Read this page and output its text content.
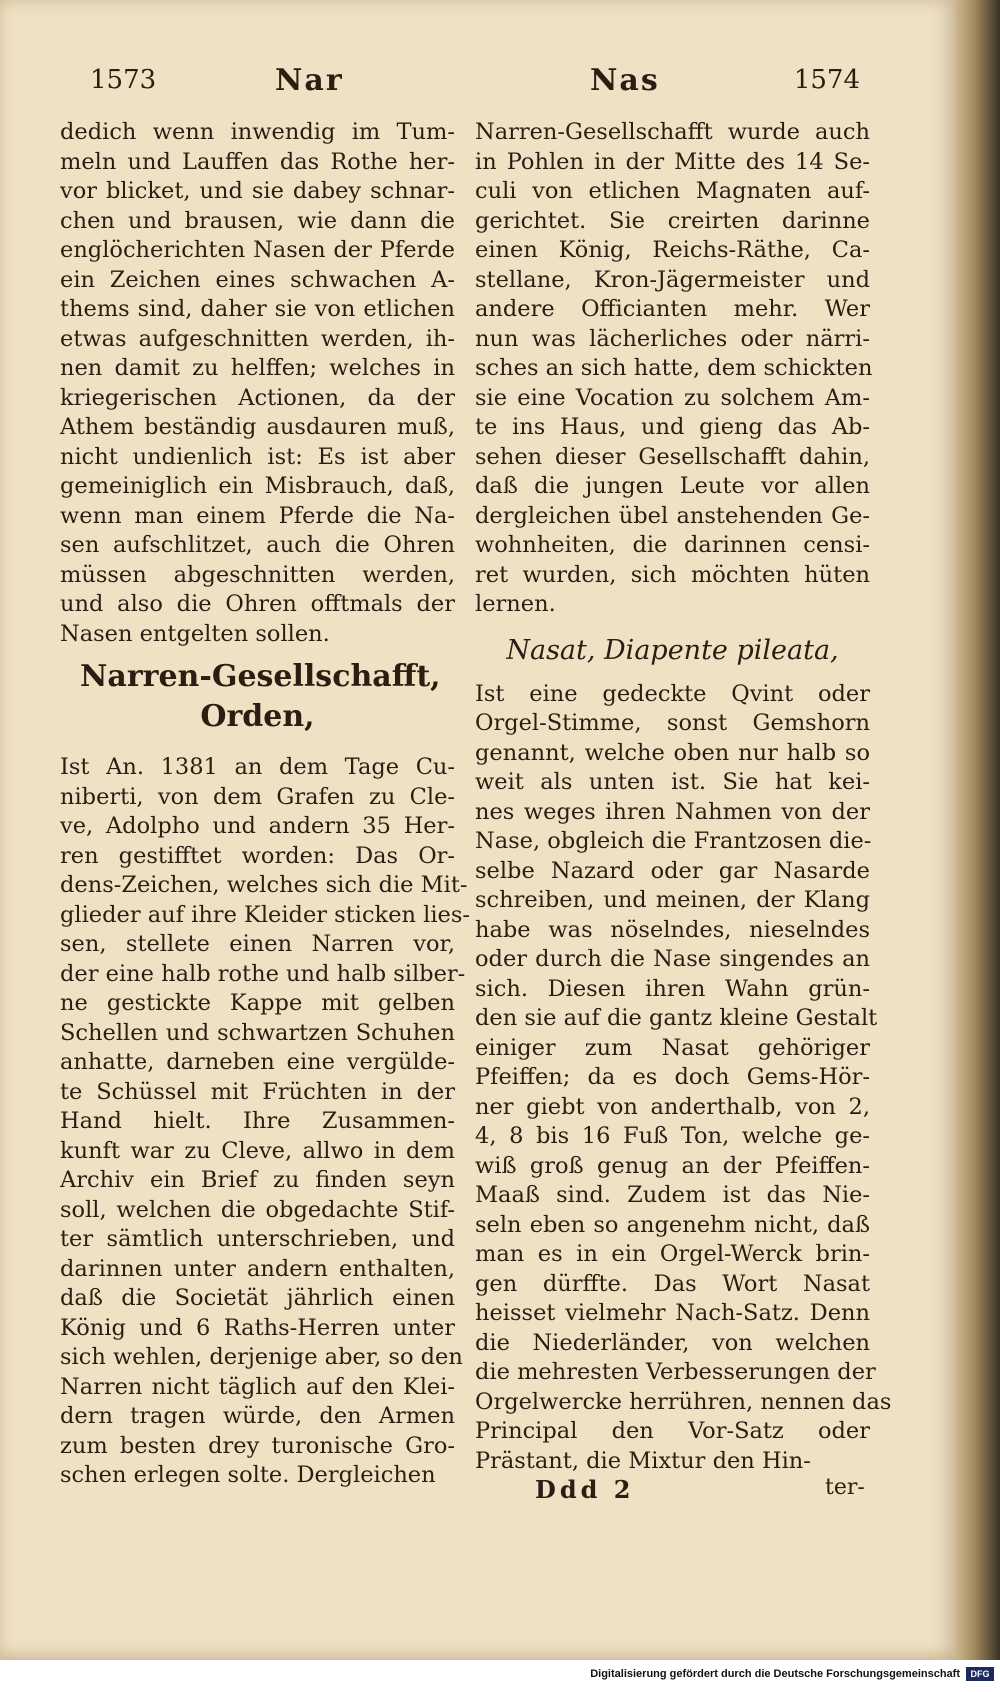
1573	Nar	Nas	1574
dedich wenn inwendig im Tum-
meln und Lauffen das Rothe her-
vor blicket, und sie dabey schnar-
chen und brausen, wie dann die
englöcherichten Nasen der Pferde
ein Zeichen eines schwachen A-
thems sind, daher sie von etlichen
etwas aufgeschnitten werden, ih-
nen damit zu helffen; welches in
kriegerischen Actionen, da der
Athem beständig ausdauren muß,
nicht undienlich ist: Es ist aber
gemeiniglich ein Misbrauch, daß,
wenn man einem Pferde die Na-
sen aufschlitzet, auch die Ohren
müssen abgeschnitten werden,
und also die Ohren offtmals der
Nasen entgelten sollen.
Narren-Gesellschafft,
Orden,
Ist An. 1381 an dem Tage Cu-
niberti, von dem Grafen zu Cle-
ve, Adolpho und andern 35 Her-
ren gestifftet worden: Das Or-
dens-Zeichen, welches sich die Mit-
glieder auf ihre Kleider sticken lies-
sen, stellete einen Narren vor,
der eine halb rothe und halb silber-
ne gestickte Kappe mit gelben
Schellen und schwartzen Schuhen
anhatte, darneben eine vergülde-
te Schüssel mit Früchten in der
Hand hielt. Ihre Zusammen-
kunft war zu Cleve, allwo in dem
Archiv ein Brief zu finden seyn
soll, welchen die obgedachte Stif-
ter sämtlich unterschrieben, und
darinnen unter andern enthalten,
daß die Societät jährlich einen
König und 6 Raths-Herren unter
sich wehlen, derjenige aber, so den
Narren nicht täglich auf den Klei-
dern tragen würde, den Armen
zum besten drey turonische Gro-
schen erlegen solte. Dergleichen
Narren-Gesellschafft wurde auch
in Pohlen in der Mitte des 14 Se-
culi von etlichen Magnaten auf-
gerichtet. Sie creirten darinne
einen König, Reichs-Räthe, Ca-
stellane, Kron-Jägermeister und
andere Officianten mehr. Wer
nun was lächerliches oder närri-
sches an sich hatte, dem schickten
sie eine Vocation zu solchem Am-
te ins Haus, und gieng das Ab-
sehen dieser Gesellschafft dahin,
daß die jungen Leute vor allen
dergleichen übel anstehenden Ge-
wohnheiten, die darinnen censi-
ret wurden, sich möchten hüten
lernen.
Nasat, Diapente pileata,
Ist eine gedeckte Qvint oder
Orgel-Stimme, sonst Gemshorn
genannt, welche oben nur halb so
weit als unten ist. Sie hat kei-
nes weges ihren Nahmen von der
Nase, obgleich die Frantzosen die-
selbe Nazard oder gar Nasarde
schreiben, und meinen, der Klang
habe was nöselndes, nieselndes
oder durch die Nase singendes an
sich. Diesen ihren Wahn grün-
den sie auf die gantz kleine Gestalt
einiger zum Nasat gehöriger
Pfeiffen; da es doch Gems-Hör-
ner giebt von anderthalb, von 2,
4, 8 bis 16 Fuß Ton, welche ge-
wiß groß genug an der Pfeiffen-
Maaß sind. Zudem ist das Nie-
seln eben so angenehm nicht, daß
man es in ein Orgel-Werck brin-
gen dürffte. Das Wort Nasat
heisset vielmehr Nach-Satz. Denn
die Niederländer, von welchen
die mehresten Verbesserungen der
Orgelwercke herrühren, nennen das
Principal den Vor-Satz oder
Prästant, die Mixtur den Hin-
Ddd 2	ter-
Digitalisierung gefördert durch die Deutsche Forschungsgemeinschaft	DFG
